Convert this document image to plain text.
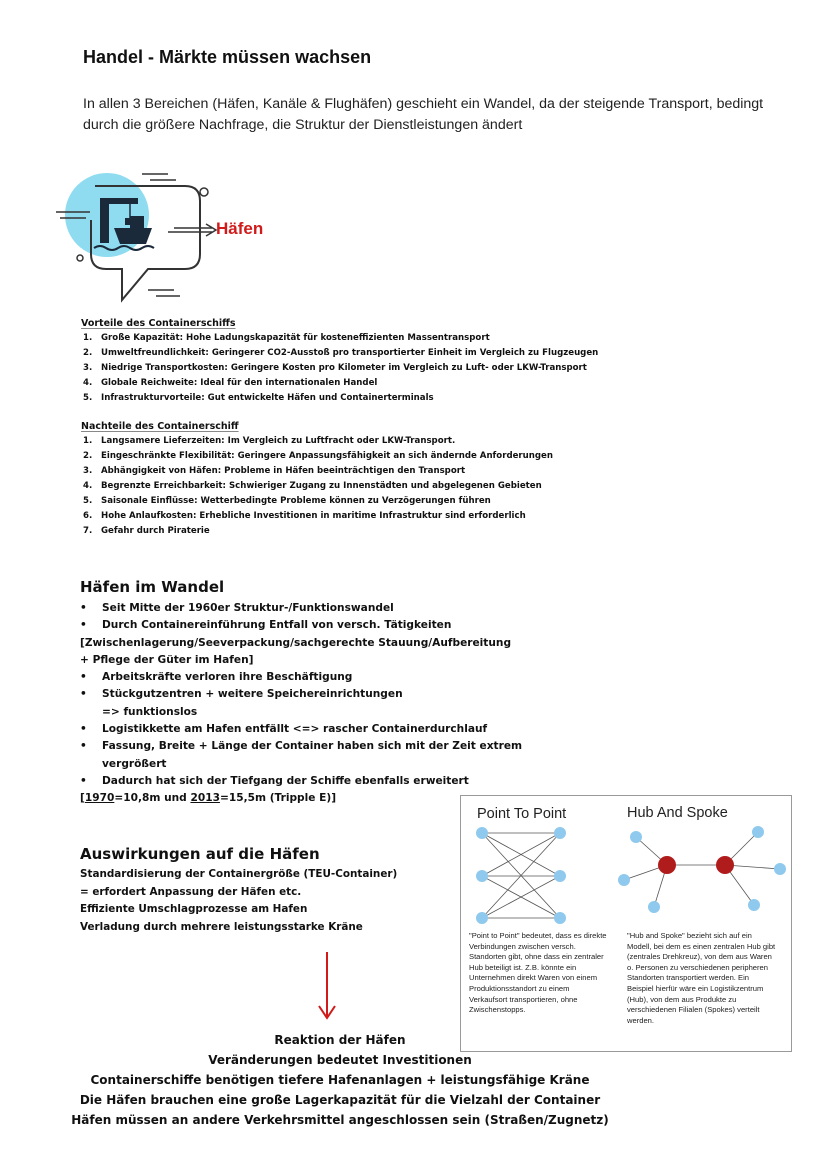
Handel - Märkte müssen wachsen
In allen 3 Bereichen (Häfen, Kanäle & Flughäfen) geschieht ein Wandel, da der steigende Transport, bedingt durch die größere Nachfrage, die Struktur der Dienstleistungen ändert
Häfen
Vorteile des Containerschiffs
1.	Große Kapazität: Hohe Ladungskapazität für kosteneffizienten Massentransport
2.	Umweltfreundlichkeit: Geringerer CO2-Ausstoß pro transportierter Einheit im Vergleich zu Flugzeugen
3.	Niedrige Transportkosten: Geringere Kosten pro Kilometer im Vergleich zu Luft- oder LKW-Transport
4.	Globale Reichweite: Ideal für den internationalen Handel
5.	Infrastrukturvorteile: Gut entwickelte Häfen und Containerterminals
Nachteile des Containerschiff
1.	Langsamere Lieferzeiten: Im Vergleich zu Luftfracht oder LKW-Transport.
2.	Eingeschränkte Flexibilität: Geringere Anpassungsfähigkeit an sich ändernde Anforderungen
3.	Abhängigkeit von Häfen: Probleme in Häfen beeinträchtigen den Transport
4.	Begrenzte Erreichbarkeit: Schwieriger Zugang zu Innenstädten und abgelegenen Gebieten
5.	Saisonale Einflüsse: Wetterbedingte Probleme können zu Verzögerungen führen
6.	Hohe Anlaufkosten: Erhebliche Investitionen in maritime Infrastruktur sind erforderlich
7.	Gefahr durch Piraterie
Häfen im Wandel
• Seit Mitte der 1960er Struktur-/Funktionswandel
• Durch Containereinführung Entfall von versch. Tätigkeiten
[Zwischenlagerung/Seeverpackung/sachgerechte Stauung/Aufbereitung
+ Pflege der Güter im Hafen]
• Arbeitskräfte verloren ihre Beschäftigung
• Stückgutzentren + weitere Speichereinrichtungen
=> funktionslos
• Logistikkette am Hafen entfällt <=> rascher Containerdurchlauf
• Fassung, Breite + Länge der Container haben sich mit der Zeit extrem
vergrößert
• Dadurch hat sich der Tiefgang der Schiffe ebenfalls erweitert
[1970=10,8m und 2013=15,5m (Tripple E)]
Auswirkungen auf die Häfen
Standardisierung der Containergröße (TEU-Container)
= erfordert Anpassung der Häfen etc.
Effiziente Umschlagprozesse am Hafen
Verladung durch mehrere leistungsstarke Kräne
Reaktion der Häfen
Veränderungen bedeutet Investitionen
Containerschiffe benötigen tiefere Hafenanlagen + leistungsfähige Kräne
Die Häfen brauchen eine große Lagerkapazität für die Vielzahl der Container
Häfen müssen an andere Verkehrsmittel angeschlossen sein (Straßen/Zugnetz)
Point To Point	Hub And Spoke
"Point to Point" bedeutet, dass es direkte Verbindungen zwischen versch. Standorten gibt, ohne dass ein zentraler Hub beteiligt ist. Z.B. könnte ein Unternehmen direkt Waren von einem Produktionsstandort zu einem Verkaufsort transportieren, ohne Zwischenstopps.
"Hub and Spoke" bezieht sich auf ein Modell, bei dem es einen zentralen Hub gibt (zentrales Drehkreuz), von dem aus Waren o. Personen zu verschiedenen peripheren Standorten transportiert werden. Ein Beispiel hierfür wäre ein Logistikzentrum (Hub), von dem aus Produkte zu verschiedenen Filialen (Spokes) verteilt werden.
